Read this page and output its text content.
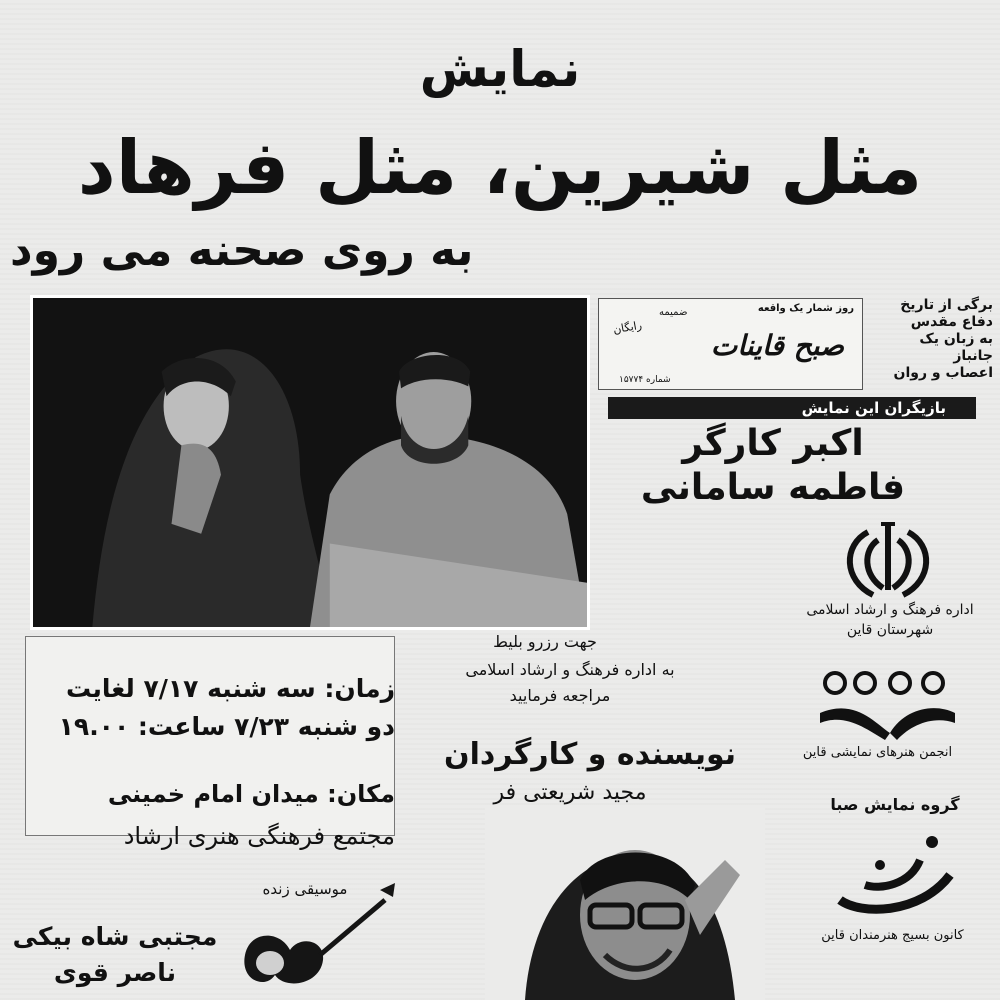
نمایش
مثل شیرین، مثل فرهاد
به روی صحنه می رود
روز شمار یک واقعه
ضمیمه
رایگان
صبح قاینات
شماره ۱۵۷۷۴
برگی از تاریخ
دفاع مقدس
به زبان یک
جانباز
اعصاب و روان
بازیگران این نمایش
اکبر کارگر
فاطمه سامانی
اداره فرهنگ و ارشاد اسلامی شهرستان قاین
انجمن هنرهای نمایشی قاین
گروه نمایش صبا
کانون بسیج هنرمندان قاین
زمان: سه شنبه ۷/۱۷ لغایت
دو شنبه ۷/۲۳ ساعت: ۱۹.۰۰
مکان: میدان امام خمینی
مجتمع فرهنگی هنری ارشاد
جهت رزرو بلیط
به اداره فرهنگ و ارشاد اسلامی
مراجعه فرمایید
نویسنده و کارگردان
مجید شریعتی فر
موسیقی زنده
مجتبی شاه بیکی
ناصر قوی
